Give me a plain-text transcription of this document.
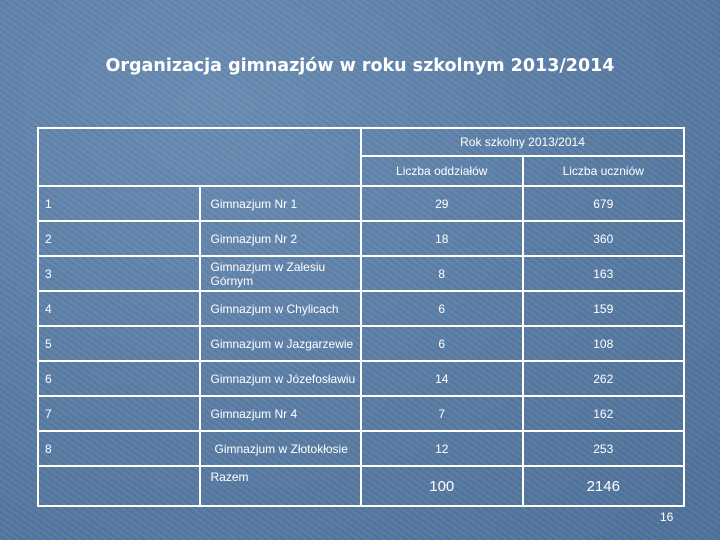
Organizacja gimnazjów w roku szkolnym 2013/2014
		Rok szkolny 2013/2014	
		Liczba oddziałów	Liczba uczniów
1	Gimnazjum Nr 1	29	679
2	Gimnazjum Nr 2	18	360
3	Gimnazjum w Zalesiu Górnym	8	163
4	Gimnazjum w Chylicach	6	159
5	Gimnazjum w Jazgarzewie	6	108
6	Gimnazjum w Józefosławiu	14	262
7	Gimnazjum Nr 4	7	162
8	Gimnazjum w Złotokłosie	12	253
	Razem	100	2146
16
